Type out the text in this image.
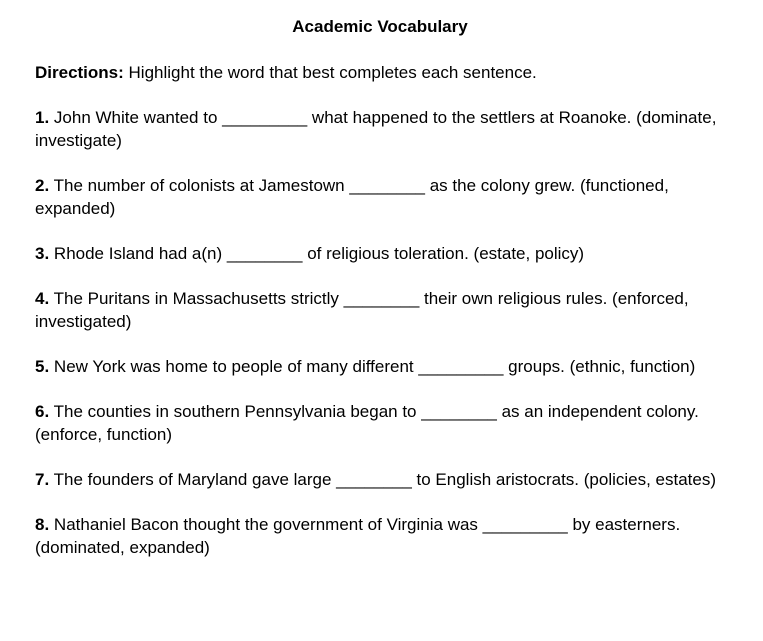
Academic Vocabulary
Directions: Highlight the word that best completes each sentence.
1. John White wanted to _________ what happened to the settlers at Roanoke. (dominate, investigate)
2. The number of colonists at Jamestown ________ as the colony grew. (functioned, expanded)
3. Rhode Island had a(n) ________ of religious toleration. (estate, policy)
4. The Puritans in Massachusetts strictly ________ their own religious rules. (enforced, investigated)
5. New York was home to people of many different _________ groups. (ethnic, function)
6. The counties in southern Pennsylvania began to ________ as an independent colony. (enforce, function)
7. The founders of Maryland gave large ________ to English aristocrats. (policies, estates)
8. Nathaniel Bacon thought the government of Virginia was _________ by easterners. (dominated, expanded)
